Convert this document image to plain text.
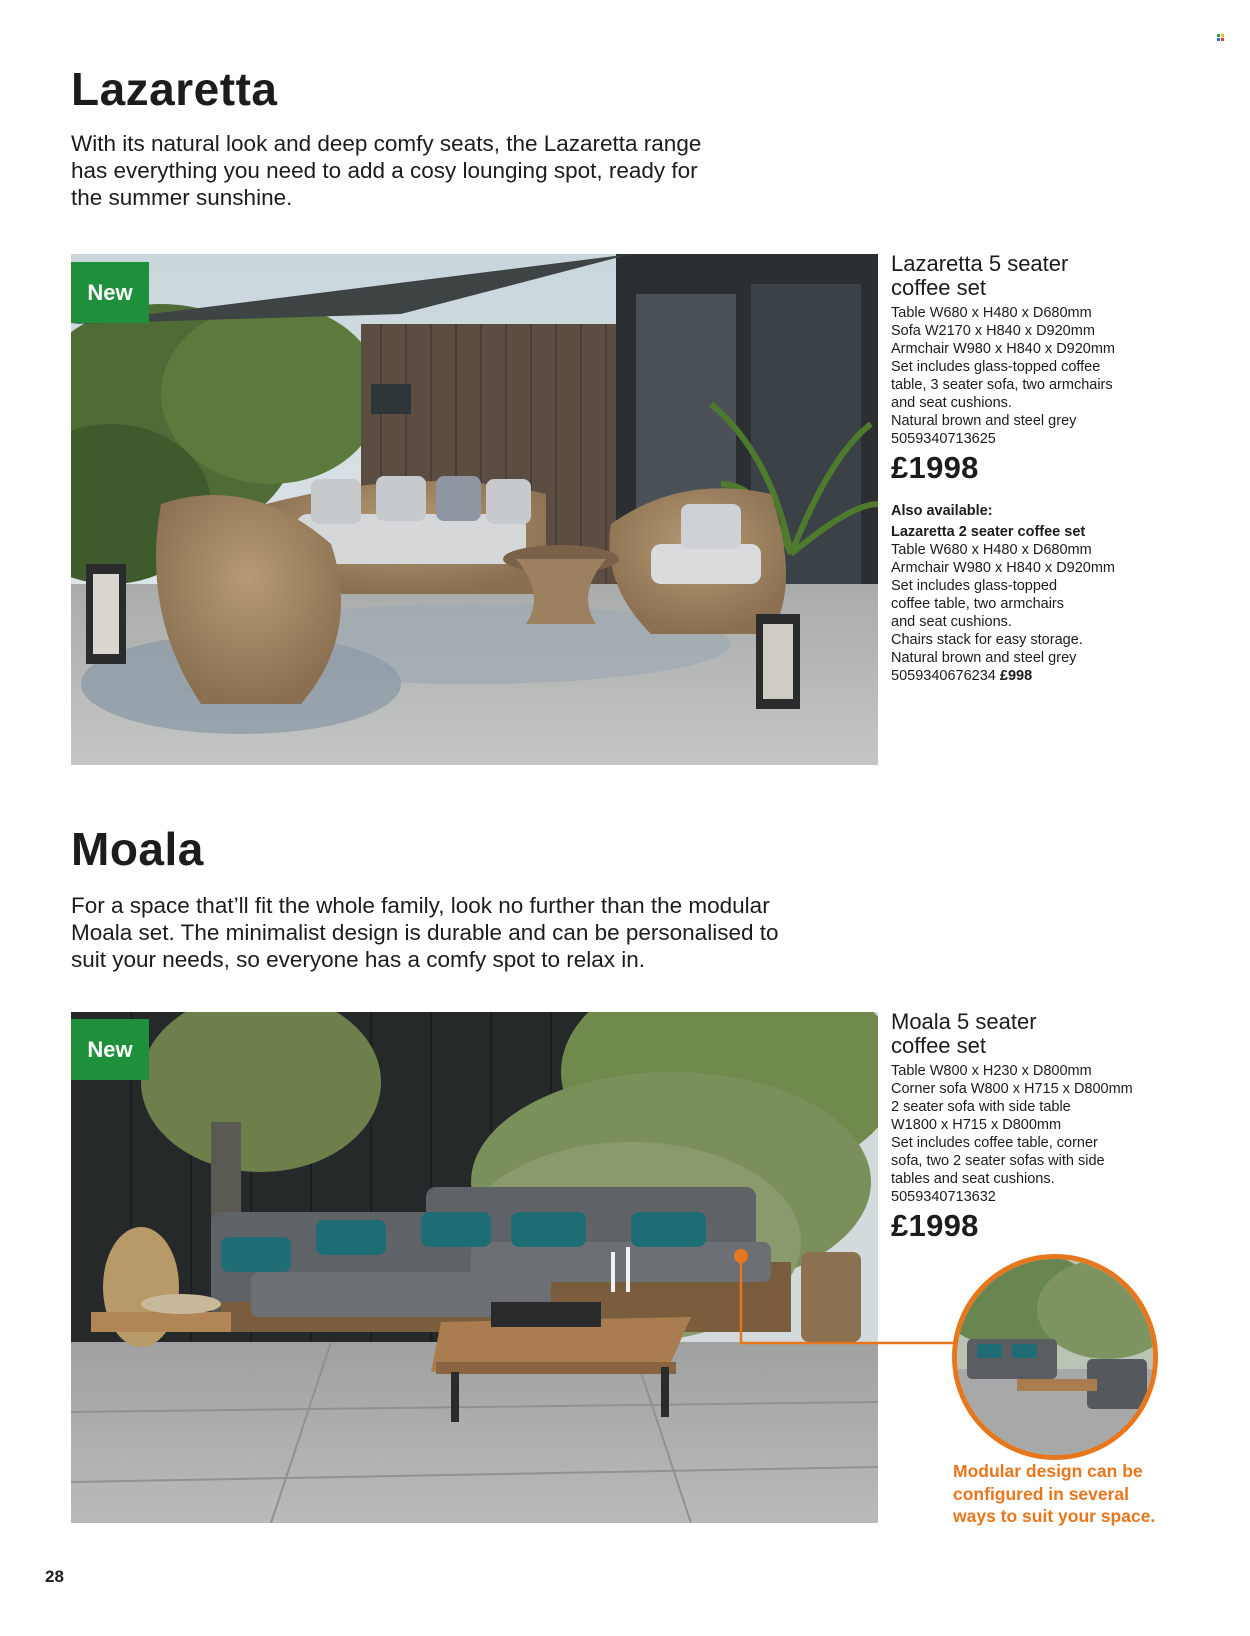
Lazaretta

With its natural look and deep comfy seats, the Lazaretta range

has everything you need to add a cosy lounging spot, ready for

the summer sunshine.

New

Lazaretta 5 seater

coffee set

Table W680 x H480 x D680mm

Sofa W2170 x H840 x D920mm

Armchair W980 x H840 x D920mm

Set includes glass-topped coffee

table, 3 seater sofa, two armchairs

and seat cushions.

Natural brown and steel grey

5059340713625

£1998

Also available:

Lazaretta 2 seater coffee set

Table W680 x H480 x D680mm

Armchair W980 x H840 x D920mm

Set includes glass-topped

coffee table, two armchairs

and seat cushions.

Chairs stack for easy storage.

Natural brown and steel grey

5059340676234 £998

Moala

For a space that’ll fit the whole family, look no further than the modular

Moala set. The minimalist design is durable and can be personalised to

suit your needs, so everyone has a comfy spot to relax in.

New

Moala 5 seater

coffee set

Table W800 x H230 x D800mm

Corner sofa W800 x H715 x D800mm

2 seater sofa with side table

W1800 x H715 x D800mm

Set includes coffee table, corner

sofa, two 2 seater sofas with side

tables and seat cushions.

5059340713632

£1998

Modular design can be
configured in several
ways to suit your space.
28
